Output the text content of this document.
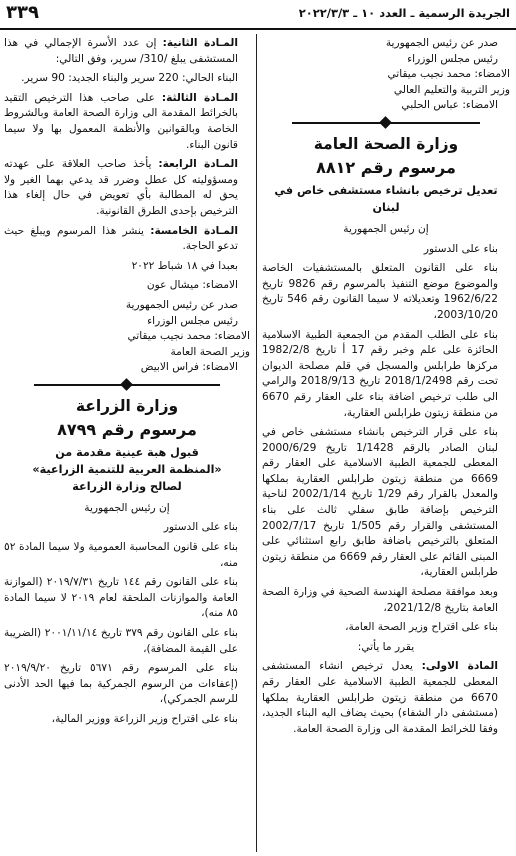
الجريدة الرسمية ـ العدد ١٠ ـ ٢٠٢٢/٣/٣
٣٣٩

صدر عن رئيس الجمهورية

رئيس مجلس الوزراء

الامضاء: محمد نجيب ميقاتي

وزير التربية والتعليم العالي

الامضاء: عباس الحلبي

وزارة الصحة العامة
مرسوم رقم ٨٨١٢
تعديل ترخيص بانشاء مستشفى خاص في لبنان

إن رئيس الجمهورية

بناء على الدستور

بناء على القانون المتعلق بالمستشفيات الخاصة والموضوع موضع التنفيذ بالمرسوم رقم 9826 تاريخ 1962/6/22 وتعديلاته لا سيما القانون رقم 546 تاريخ 2003/10/20،

بناء على الطلب المقدم من الجمعية الطبية الاسلامية الحائزة على علم وخبر رقم 17 أ تاريخ 1982/2/8 مركزها طرابلس والمسجل في قلم مصلحة الديوان تحت رقم 2018/1/2498 تاريخ 2018/9/13 والرامي الى طلب ترخيص اضافة بناء على العقار رقم 6670 من منطقة زيتون طرابلس العقارية،

بناء على قرار الترخيص بانشاء مستشفى خاص في لبنان الصادر بالرقم 1/1428 تاريخ 2000/6/29 المعطى للجمعية الطبية الاسلامية على العقار رقم 6669 من منطقة زيتون طرابلس العقارية بملكها والمعدل بالقرار رقم 1/29 تاريخ 2002/1/14 لناحية الترخيص بإضافة طابق سفلي ثالث على بناء المستشفى والقرار رقم 1/505 تاريخ 2002/7/17 المتعلق بالترخيص باضافة طابق رابع استثنائي على المبنى القائم على العقار رقم 6669 من منطقة زيتون طرابلس العقارية،

وبعد موافقة مصلحة الهندسة الصحية في وزارة الصحة العامة بتاريخ 2021/12/8،

بناء على اقتراح وزير الصحة العامة،

يقرر ما يأتي:

المادة الاولى: يعدل ترخيص انشاء المستشفى المعطى للجمعية الطبية الاسلامية على العقار رقم 6670 من منطقة زيتون طرابلس العقارية بملكها (مستشفى دار الشفاء) بحيث يضاف اليه البناء الجديد، وفقا للخرائط المقدمة الى وزارة الصحة العامة.

المـادة الثانية: إن عدد الأسرة الإجمالي في هذا المستشفى يبلغ /310/ سرير، وفق التالي:

البناء الحالي: 220 سرير والبناء الجديد: 90 سرير.

المـادة الثالثة: على صاحب هذا الترخيص التقيد بالخرائط المقدمة الى وزارة الصحة العامة وبالشروط الخاصة وبالقوانين والأنظمة المعمول بها ولا سيما قانون البناء.

المـادة الرابعة: يأخذ صاحب العلاقة على عهدته ومسؤوليته كل عطل وضرر قد يدعي بهما الغير ولا يحق له المطالبة بأي تعويض في حال إلغاء هذا الترخيص بإحدى الطرق القانونية.

المـادة الخامسة: ينشر هذا المرسوم ويبلغ حيث تدعو الحاجة.

بعبدا في ١٨ شباط ٢٠٢٢

الامضاء: ميشال عون

صدر عن رئيس الجمهورية

رئيس مجلس الوزراء

الامضاء: محمد نجيب ميقاتي

وزير الصحة العامة

الامضاء: فراس الابيض

وزارة الزراعة
مرسوم رقم ٨٧٩٩
قبول هبة عينية مقدمة من
«المنظمة العربية للتنمية الزراعية»
لصالح وزارة الزراعة

إن رئيس الجمهورية

بناء على الدستور

بناء على قانون المحاسبة العمومية ولا سيما المادة ٥٢ منه،

بناء على القانون رقم ١٤٤ تاريخ ٢٠١٩/٧/٣١ (الموازنة العامة والموازنات الملحقة لعام ٢٠١٩ لا سيما المادة ٨٥ منه)،

بناء على القانون رقم ٣٧٩ تاريخ ٢٠٠١/١١/١٤ (الضريبة على القيمة المضافة)،

بناء على المرسوم رقم ٥٦٧١ تاريخ ٢٠١٩/٩/٢٠ (إعفاءات من الرسوم الجمركية بما فيها الحد الأدنى للرسم الجمركي)،

بناء على اقتراح وزير الزراعة ووزير المالية،
